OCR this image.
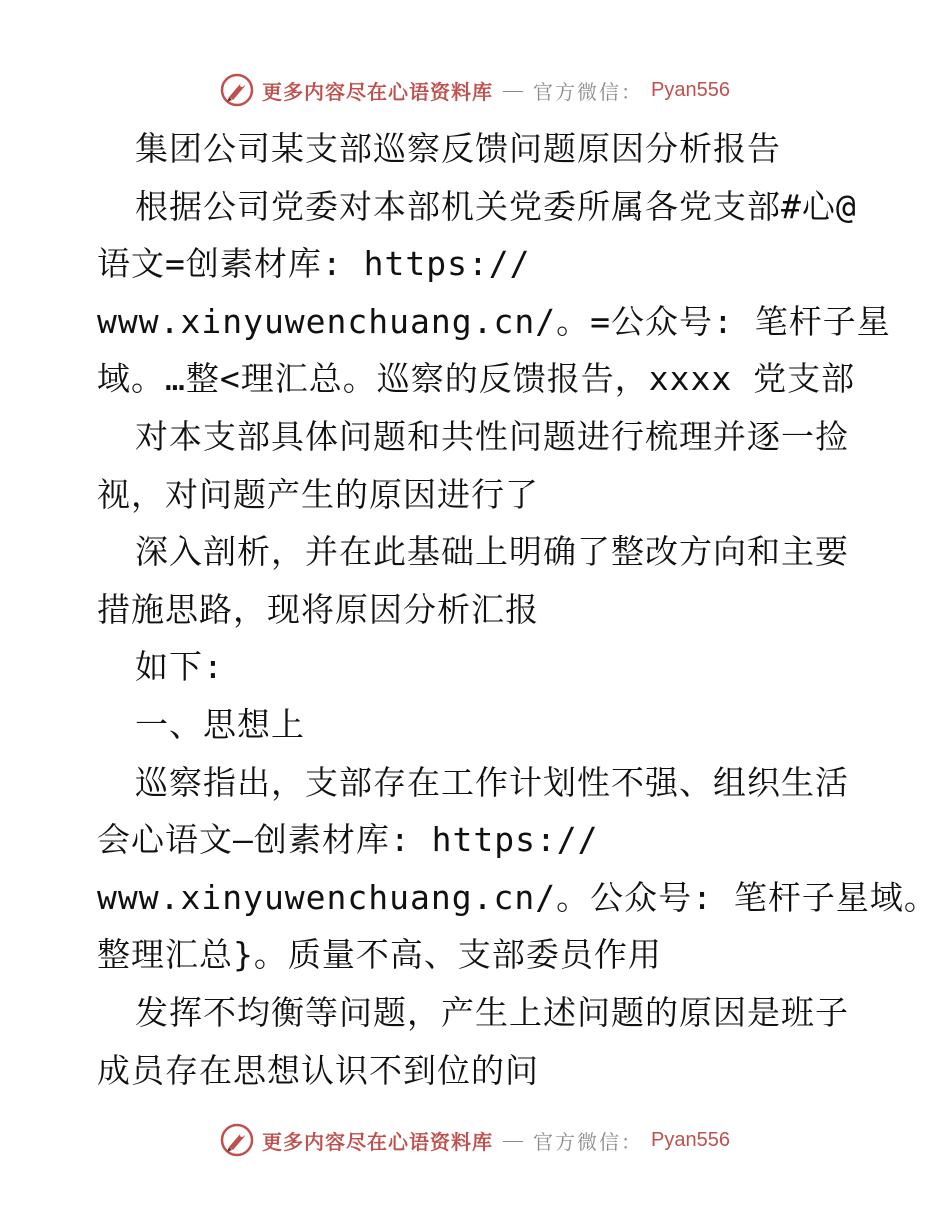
更多内容尽在心语资料库 — 官方微信： Pyan556
集团公司某支部巡察反馈问题原因分析报告
根据公司党委对本部机关党委所属各党支部#心@
语文=创素材库: https://
www.xinyuwenchuang.cn/。=公众号: 笔杆子星
域。…整<理汇总。巡察的反馈报告，xxxx 党支部
对本支部具体问题和共性问题进行梳理并逐一捡
视，对问题产生的原因进行了
深入剖析，并在此基础上明确了整改方向和主要
措施思路，现将原因分析汇报
如下:
一、思想上
巡察指出，支部存在工作计划性不强、组织生活
会心语文—创素材库: https://
www.xinyuwenchuang.cn/。公众号: 笔杆子星域。
整理汇总}。质量不高、支部委员作用
发挥不均衡等问题，产生上述问题的原因是班子
成员存在思想认识不到位的问
更多内容尽在心语资料库 — 官方微信： Pyan556
